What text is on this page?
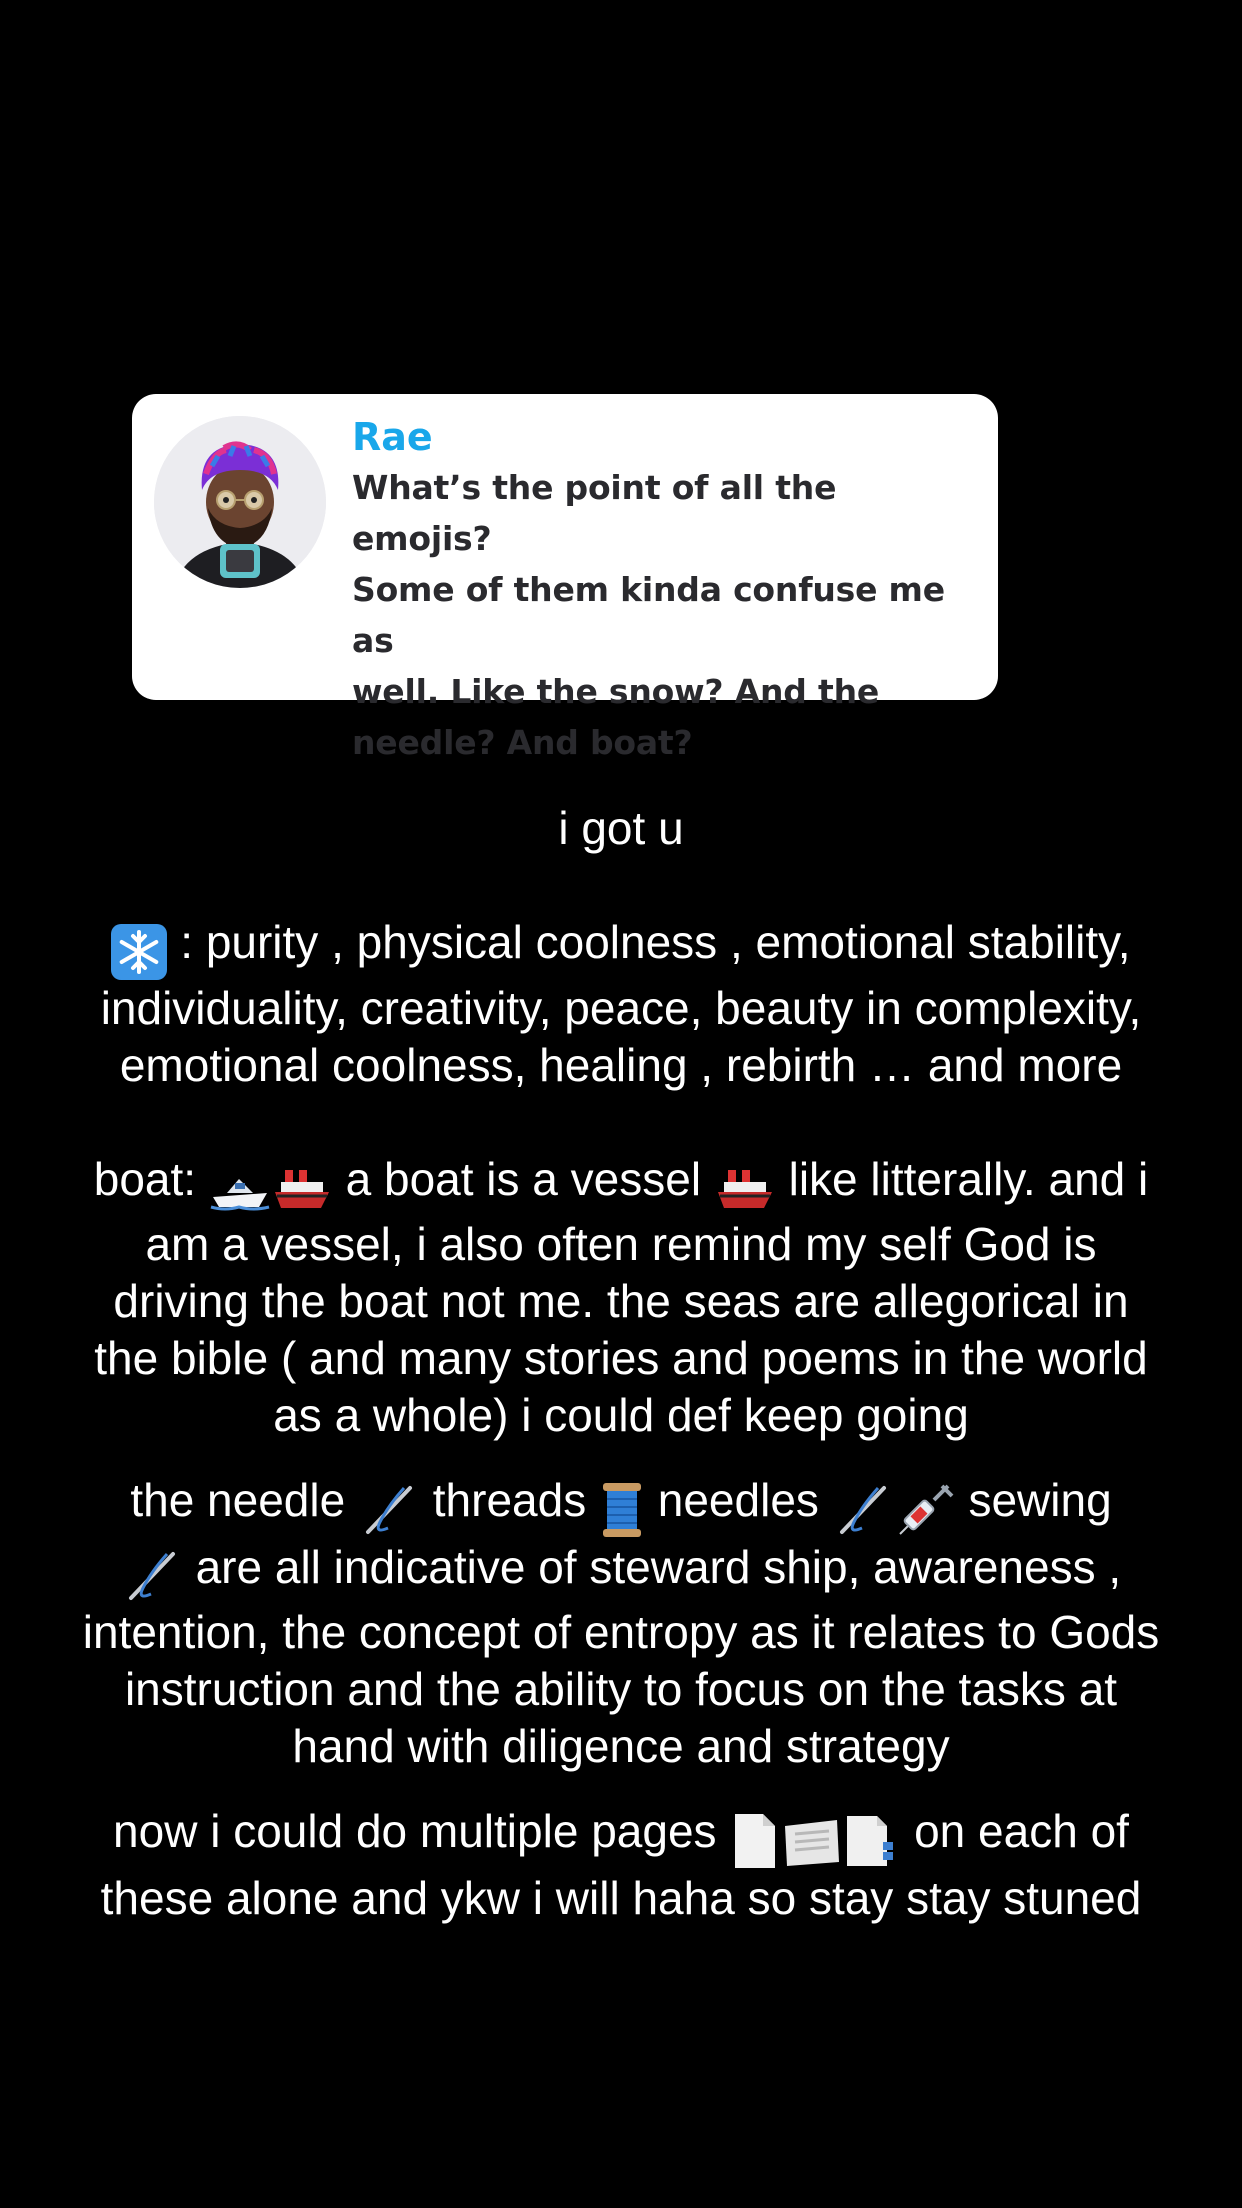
Rae
What’s the point of all the emojis?
Some of them kinda confuse me as
well. Like the snow? And the
needle? And boat?

i got u

: purity , physical coolness , emotional stability,

individuality, creativity, peace, beauty in complexity,

emotional coolness, healing , rebirth … and more

boat:	a boat is a vessel  like litterally. and i

am a vessel, i also often remind my self God is

driving the boat not me. the seas are allegorical in

the bible ( and many stories and poems in the world

as a whole) i could def keep going

the needle  threads  needles	sewing

are all indicative of steward ship, awareness ,

intention, the concept of entropy as it relates to Gods

instruction and the ability to focus on the tasks at

hand with diligence and strategy

now i could do multiple pages	on each of

these alone and ykw i will haha so stay stay stuned
